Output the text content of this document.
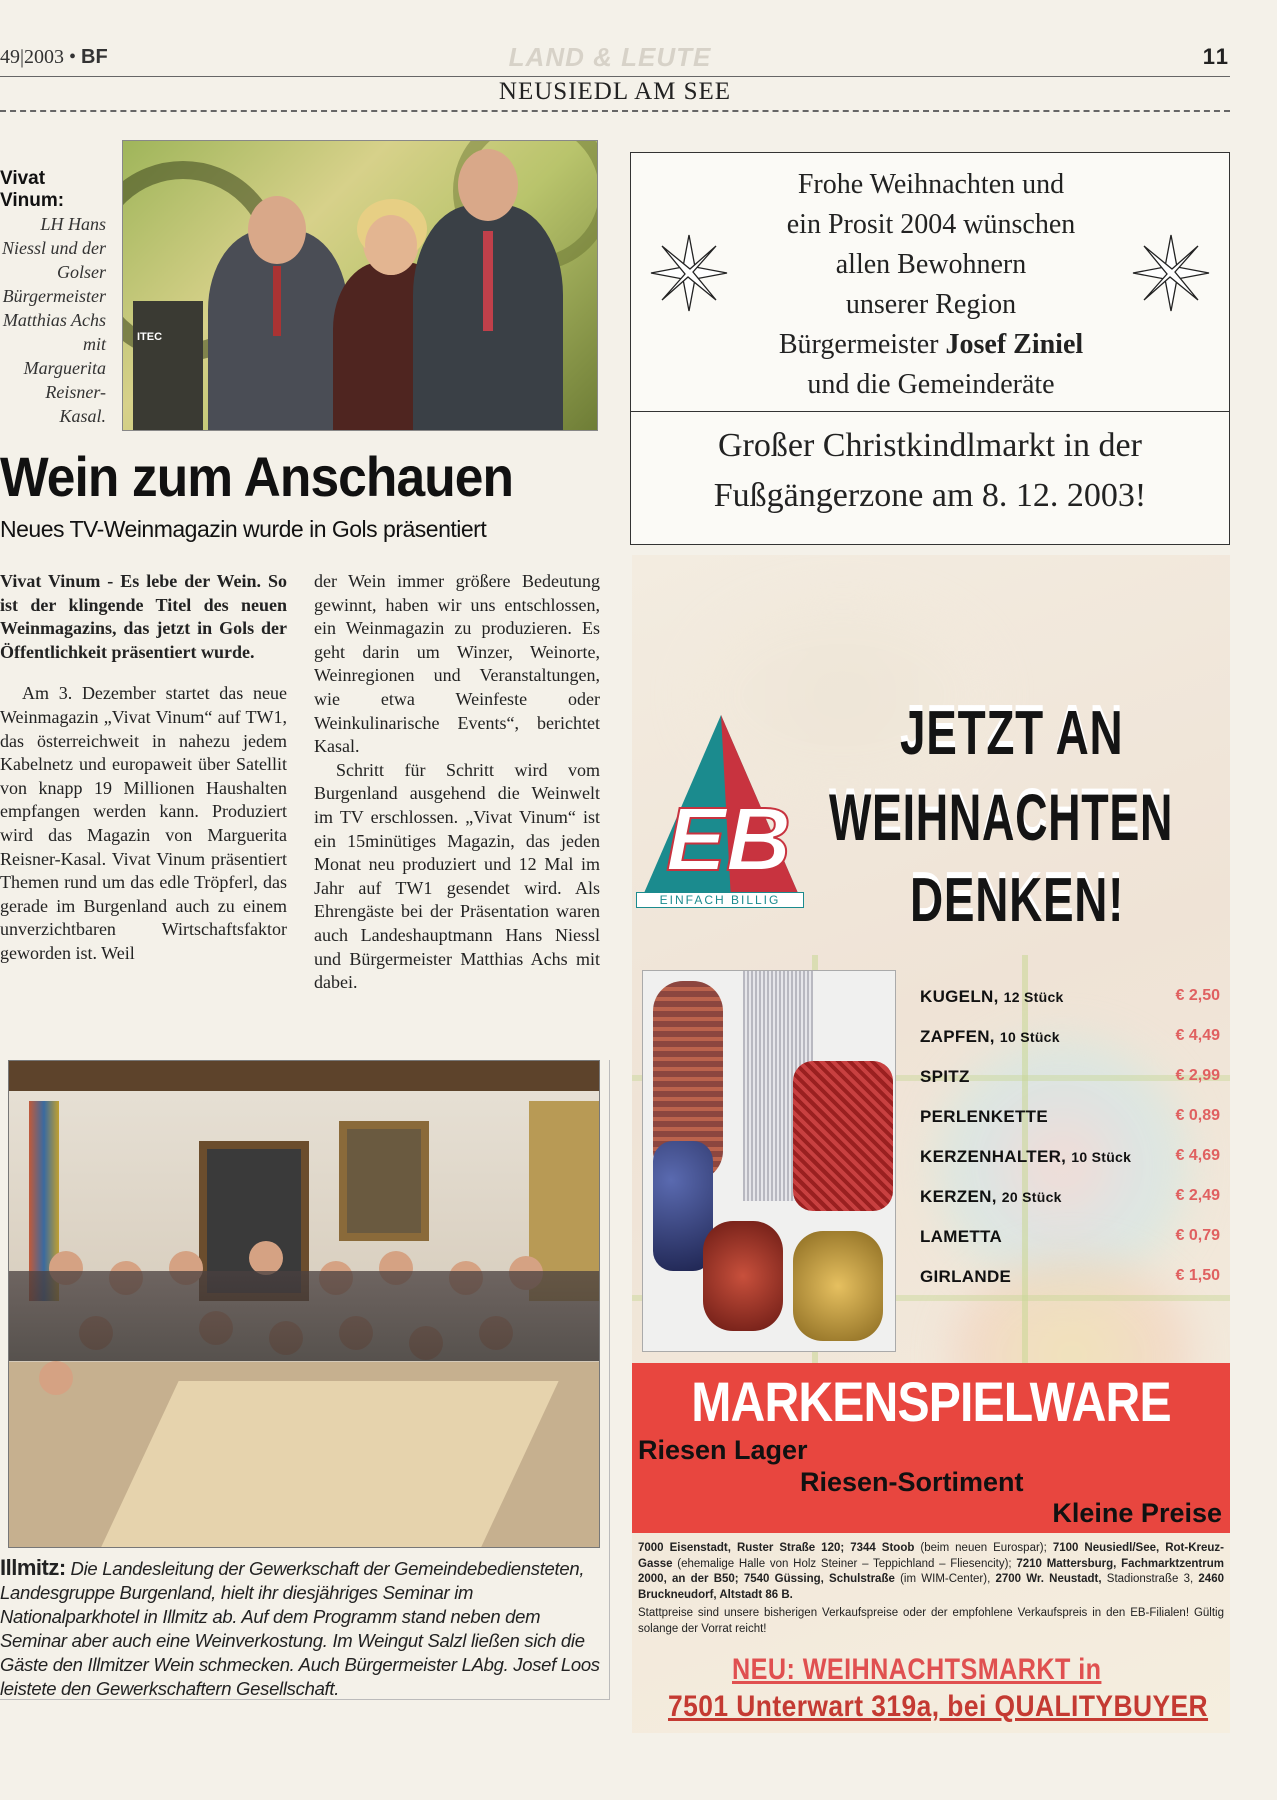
49|2003 • BF	LAND & LEUTE	11
NEUSIEDL AM SEE
Vivat Vinum:
LH Hans Niessl und der Golser Bürgermeister Matthias Achs mit Marguerita Reisner-Kasal.
ITEC
Wein zum Anschauen
Neues TV-Weinmagazin wurde in Gols präsentiert

Vivat Vinum - Es lebe der Wein. So ist der klingende Titel des neuen Weinmagazins, das jetzt in Gols der Öffentlichkeit präsentiert wurde.

Am 3. Dezember startet das neue Weinmagazin „Vivat Vinum“ auf TW1, das österreichweit in nahezu jedem Kabelnetz und europaweit über Satellit von knapp 19 Millionen Haushalten empfangen werden kann. Produziert wird das Magazin von Marguerita Reisner-Kasal. Vivat Vinum präsentiert Themen rund um das edle Tröpferl, das gerade im Burgenland auch zu einem unverzichtbaren Wirtschaftsfaktor geworden ist. Weil

der Wein immer größere Bedeutung gewinnt, haben wir uns entschlossen, ein Weinmagazin zu produzieren. Es geht darin um Winzer, Weinorte, Weinregionen und Veranstaltungen, wie etwa Weinfeste oder Weinkulinarische Events“, berichtet Kasal.

Schritt für Schritt wird vom Burgenland ausgehend die Weinwelt im TV erschlossen. „Vivat Vinum“ ist ein 15minütiges Magazin, das jeden Monat neu produziert und 12 Mal im Jahr auf TW1 gesendet wird. Als Ehrengäste bei der Präsentation waren auch Landeshauptmann Hans Niessl und Bürgermeister Matthias Achs mit dabei.

Illmitz: Die Landesleitung der Gewerkschaft der Gemeindebediensteten, Landesgruppe Burgenland, hielt ihr diesjähriges Seminar im Nationalparkhotel in Illmitz ab. Auf dem Programm stand neben dem Seminar aber auch eine Weinverkostung. Im Weingut Salzl ließen sich die Gäste den Illmitzer Wein schmecken. Auch Bürgermeister LAbg. Josef Loos leistete den Gewerkschaftern Gesellschaft.
Frohe Weihnachten und
ein Prosit 2004 wünschen
allen Bewohnern
unserer Region
Bürgermeister Josef Ziniel
und die Gemeinderäte
Großer Christkindlmarkt in der
Fußgängerzone am 8. 12. 2003!
EB
EINFACH BILLIG
JETZT AN
WEIHNACHTEN
DENKEN!
KUGELN, 12 Stück	€ 2,50
ZAPFEN, 10 Stück	€ 4,49
SPITZ	€ 2,99
PERLENKETTE	€ 0,89
KERZENHALTER, 10 Stück	€ 4,69
KERZEN, 20 Stück	€ 2,49
LAMETTA	€ 0,79
GIRLANDE	€ 1,50
MARKENSPIELWARE
Riesen Lager
Riesen-Sortiment
Kleine Preise
7000 Eisenstadt, Ruster Straße 120; 7344 Stoob (beim neuen Eurospar); 7100 Neusiedl/See, Rot-Kreuz-Gasse (ehemalige Halle von Holz Steiner – Teppichland – Fliesencity); 7210 Mattersburg, Fachmarktzentrum 2000, an der B50; 7540 Güssing, Schulstraße (im WIM-Center), 2700 Wr. Neustadt, Stadionstraße 3, 2460 Bruckneudorf, Altstadt 86 B.
Stattpreise sind unsere bisherigen Verkaufspreise oder der empfohlene Verkaufspreis in den EB-Filialen! Gültig solange der Vorrat reicht!
NEU: WEIHNACHTSMARKT in
7501 Unterwart 319a, bei QUALITYBUYER
